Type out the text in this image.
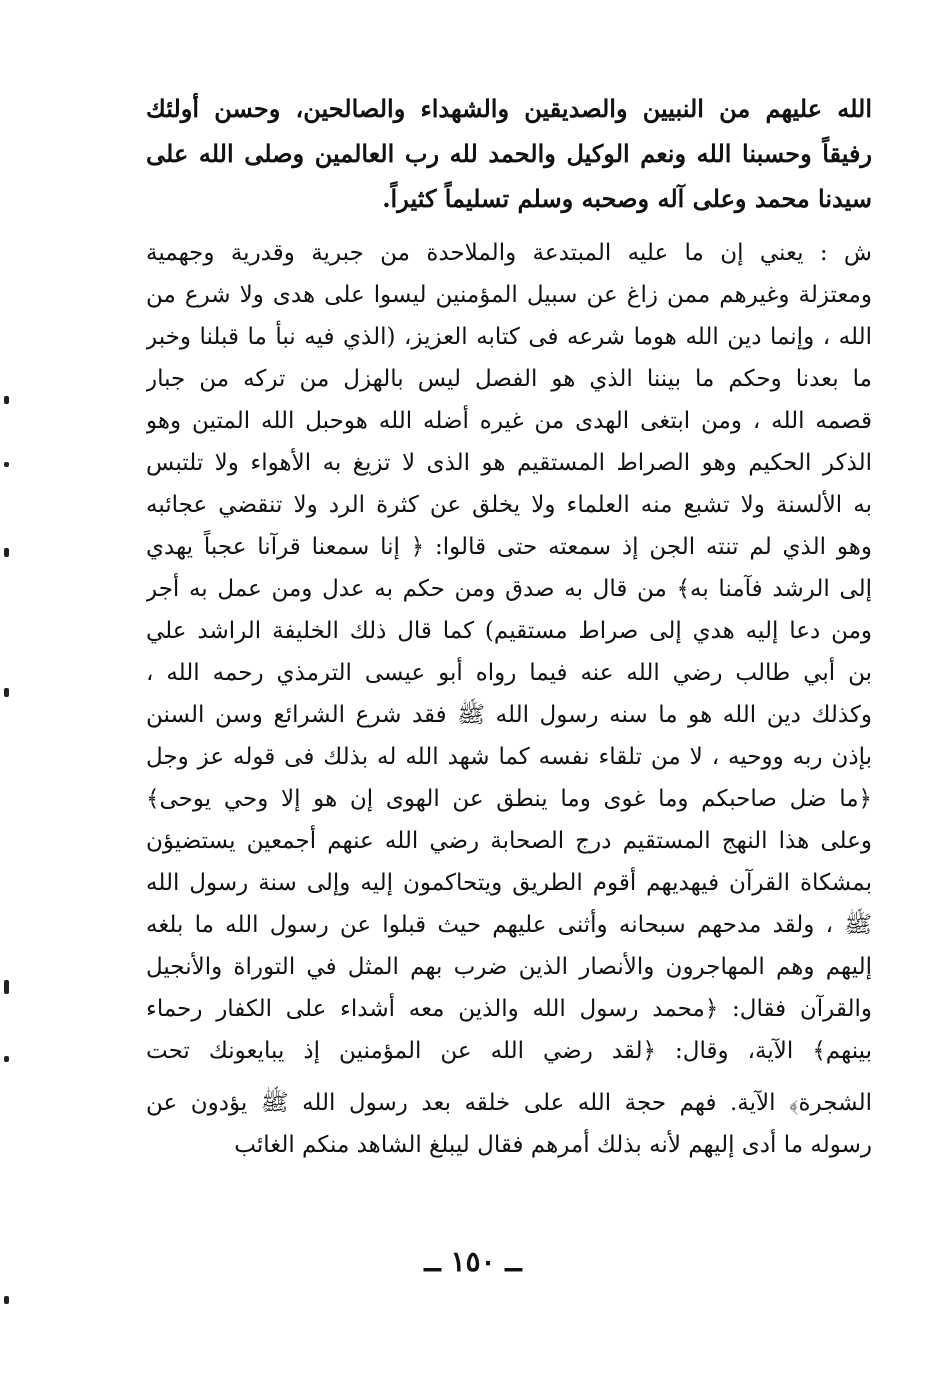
الله عليهم من النبيين والصديقين والشهداء والصالحين، وحسن أولئك
رفيقاً وحسبنا الله ونعم الوكيل والحمد لله رب العالمين وصلى الله على
سيدنا محمد وعلى آله وصحبه وسلم تسليماً كثيراً.
ش : يعني إن ما عليه المبتدعة والملاحدة من جبرية وقدرية وجهمية
ومعتزلة وغيرهم ممن زاغ عن سبيل المؤمنين ليسوا على هدى ولا شرع من
الله ، وإنما دين الله هوما شرعه فى كتابه العزيز، (الذي فيه نبأ ما قبلنا وخبر
ما بعدنا وحكم ما بيننا الذي هو الفصل ليس بالهزل من تركه من جبار
قصمه الله ، ومن ابتغى الهدى من غيره أضله الله هوحبل الله المتين وهو
الذكر الحكيم وهو الصراط المستقيم هو الذى لا تزيغ به الأهواء ولا تلتبس
به الألسنة ولا تشبع منه العلماء ولا يخلق عن كثرة الرد ولا تنقضي عجائبه
وهو الذي لم تنته الجن إذ سمعته حتى قالوا: ﴿ إنا سمعنا قرآنا عجباً يهدي
إلى الرشد فآمنا به﴾ من قال به صدق ومن حكم به عدل ومن عمل به أجر
ومن دعا إليه هدي إلى صراط مستقيم) كما قال ذلك الخليفة الراشد علي
بن أبي طالب رضي الله عنه فيما رواه أبو عيسى الترمذي رحمه الله ،
وكذلك دين الله هو ما سنه رسول الله ﷺ فقد شرع الشرائع وسن السنن
بإذن ربه ووحيه ، لا من تلقاء نفسه كما شهد الله له بذلك فى قوله عز وجل
﴿ما ضل صاحبكم وما غوى وما ينطق عن الهوى إن هو إلا وحي يوحى﴾
وعلى هذا النهج المستقيم درج الصحابة رضي الله عنهم أجمعين يستضيؤن
بمشكاة القرآن فيهديهم أقوم الطريق ويتحاكمون إليه وإلى سنة رسول الله
ﷺ ، ولقد مدحهم سبحانه وأثنى عليهم حيث قبلوا عن رسول الله ما بلغه
إليهم وهم المهاجرون والأنصار الذين ضرب بهم المثل في التوراة والأنجيل
والقرآن فقال: ﴿محمد رسول الله والذين معه أشداء على الكفار رحماء
بينهم﴾ الآية، وقال: ﴿لقد رضي الله عن المؤمنين إذ يبايعونك تحت
الشجرة﴾ الآية. فهم حجة الله على خلقه بعد رسول الله ﷺ يؤدون عن
رسوله ما أدى إليهم لأنه بذلك أمرهم فقال ليبلغ الشاهد منكم الغائب
ــ ١٥٠ ــ
